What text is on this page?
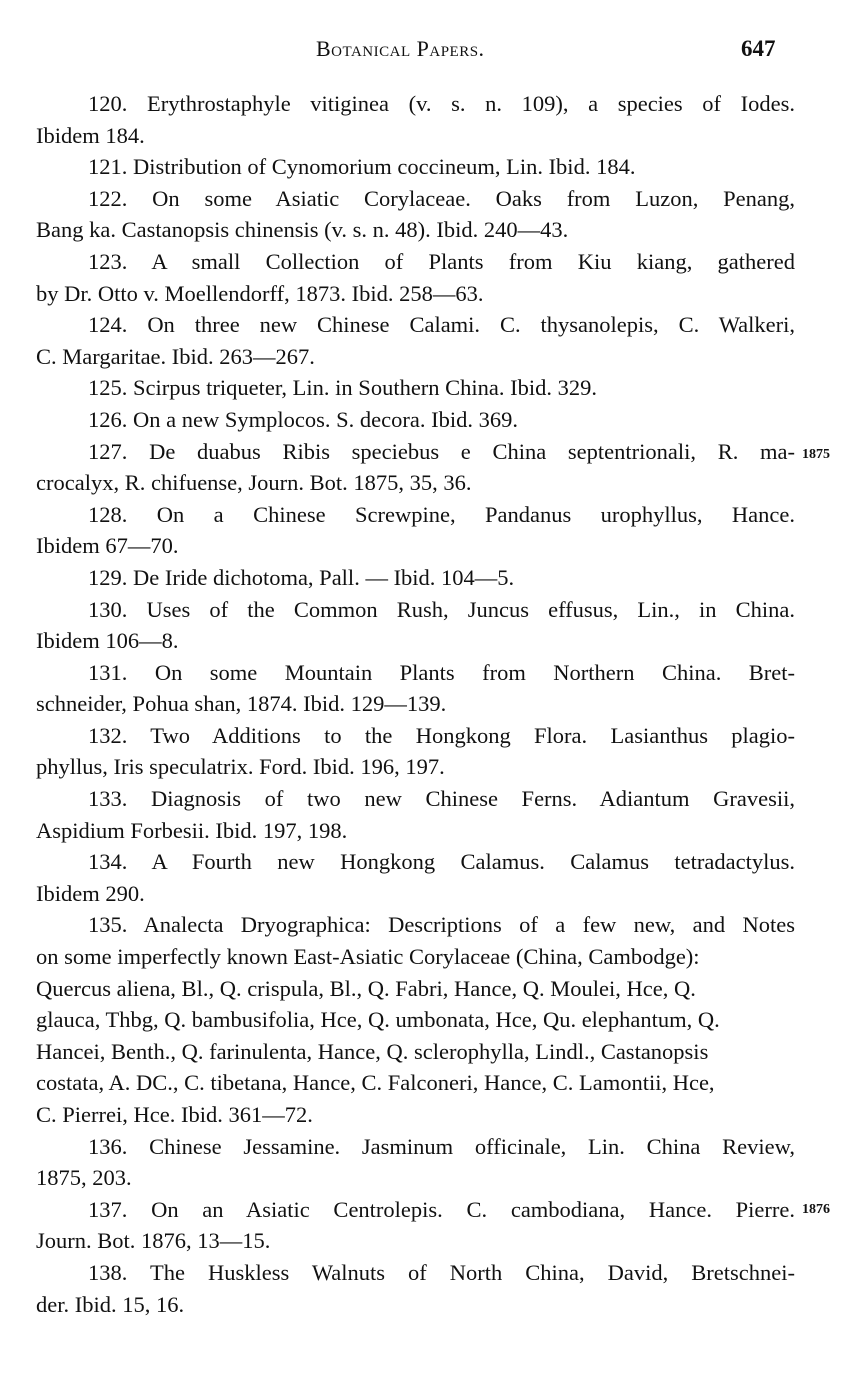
Botanical Papers.	647
120. Erythrostaphyle vitiginea (v. s. n. 109), a species of Iodes.
Ibidem 184.
121. Distribution of Cynomorium coccineum, Lin. Ibid. 184.
122. On some Asiatic Corylaceae. Oaks from Luzon, Penang,
Bang ka. Castanopsis chinensis (v. s. n. 48). Ibid. 240—43.
123. A small Collection of Plants from Kiu kiang, gathered
by Dr. Otto v. Moellendorff, 1873. Ibid. 258—63.
124. On three new Chinese Calami. C. thysanolepis, C. Walkeri,
C. Margaritae. Ibid. 263—267.
125. Scirpus triqueter, Lin. in Southern China. Ibid. 329.
126. On a new Symplocos. S. decora. Ibid. 369.
127. De duabus Ribis speciebus e China septentrionali, R. ma-
crocalyx, R. chifuense, Journ. Bot. 1875, 35, 36.
128. On a Chinese Screwpine, Pandanus urophyllus, Hance.
Ibidem 67—70.
129. De Iride dichotoma, Pall. — Ibid. 104—5.
130. Uses of the Common Rush, Juncus effusus, Lin., in China.
Ibidem 106—8.
131. On some Mountain Plants from Northern China. Bret-
schneider, Pohua shan, 1874. Ibid. 129—139.
132. Two Additions to the Hongkong Flora. Lasianthus plagio-
phyllus, Iris speculatrix. Ford. Ibid. 196, 197.
133. Diagnosis of two new Chinese Ferns. Adiantum Gravesii,
Aspidium Forbesii. Ibid. 197, 198.
134. A Fourth new Hongkong Calamus. Calamus tetradactylus.
Ibidem 290.
135. Analecta Dryographica: Descriptions of a few new, and Notes
on some imperfectly known East-Asiatic Corylaceae (China, Cambodge):
Quercus aliena, Bl., Q. crispula, Bl., Q. Fabri, Hance, Q. Moulei, Hce, Q.
glauca, Thbg, Q. bambusifolia, Hce, Q. umbonata, Hce, Qu. elephantum, Q.
Hancei, Benth., Q. farinulenta, Hance, Q. sclerophylla, Lindl., Castanopsis
costata, A. DC., C. tibetana, Hance, C. Falconeri, Hance, C. Lamontii, Hce,
C. Pierrei, Hce. Ibid. 361—72.
136. Chinese Jessamine. Jasminum officinale, Lin. China Review,
1875, 203.
137. On an Asiatic Centrolepis. C. cambodiana, Hance. Pierre.
Journ. Bot. 1876, 13—15.
138. The Huskless Walnuts of North China, David, Bretschnei-
der. Ibid. 15, 16.
1875
1876
